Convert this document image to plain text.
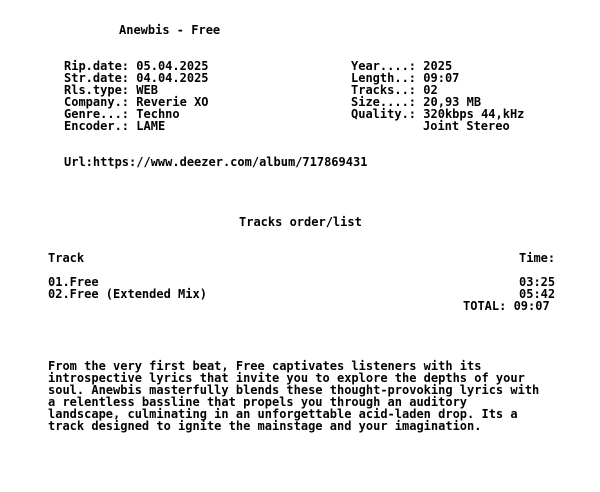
Anewbis - Free
Rip.date: 05.04.2025
Str.date: 04.04.2025
Rls.type: WEB
Company.: Reverie XO
Genre...: Techno
Encoder.: LAME
Year....: 2025
Length..: 09:07
Tracks..: 02
Size....: 20,93 MB
Quality.: 320kbps 44,kHz
Joint Stereo
Url:https://www.deezer.com/album/717869431
Tracks order/list
Track	Time:
01.Free	03:25
02.Free (Extended Mix)	05:42
TOTAL: 09:07
From the very first beat, Free captivates listeners with its
introspective lyrics that invite you to explore the depths of your
soul. Anewbis masterfully blends these thought-provoking lyrics with
a relentless bassline that propels you through an auditory
landscape, culminating in an unforgettable acid-laden drop. Its a
track designed to ignite the mainstage and your imagination.
